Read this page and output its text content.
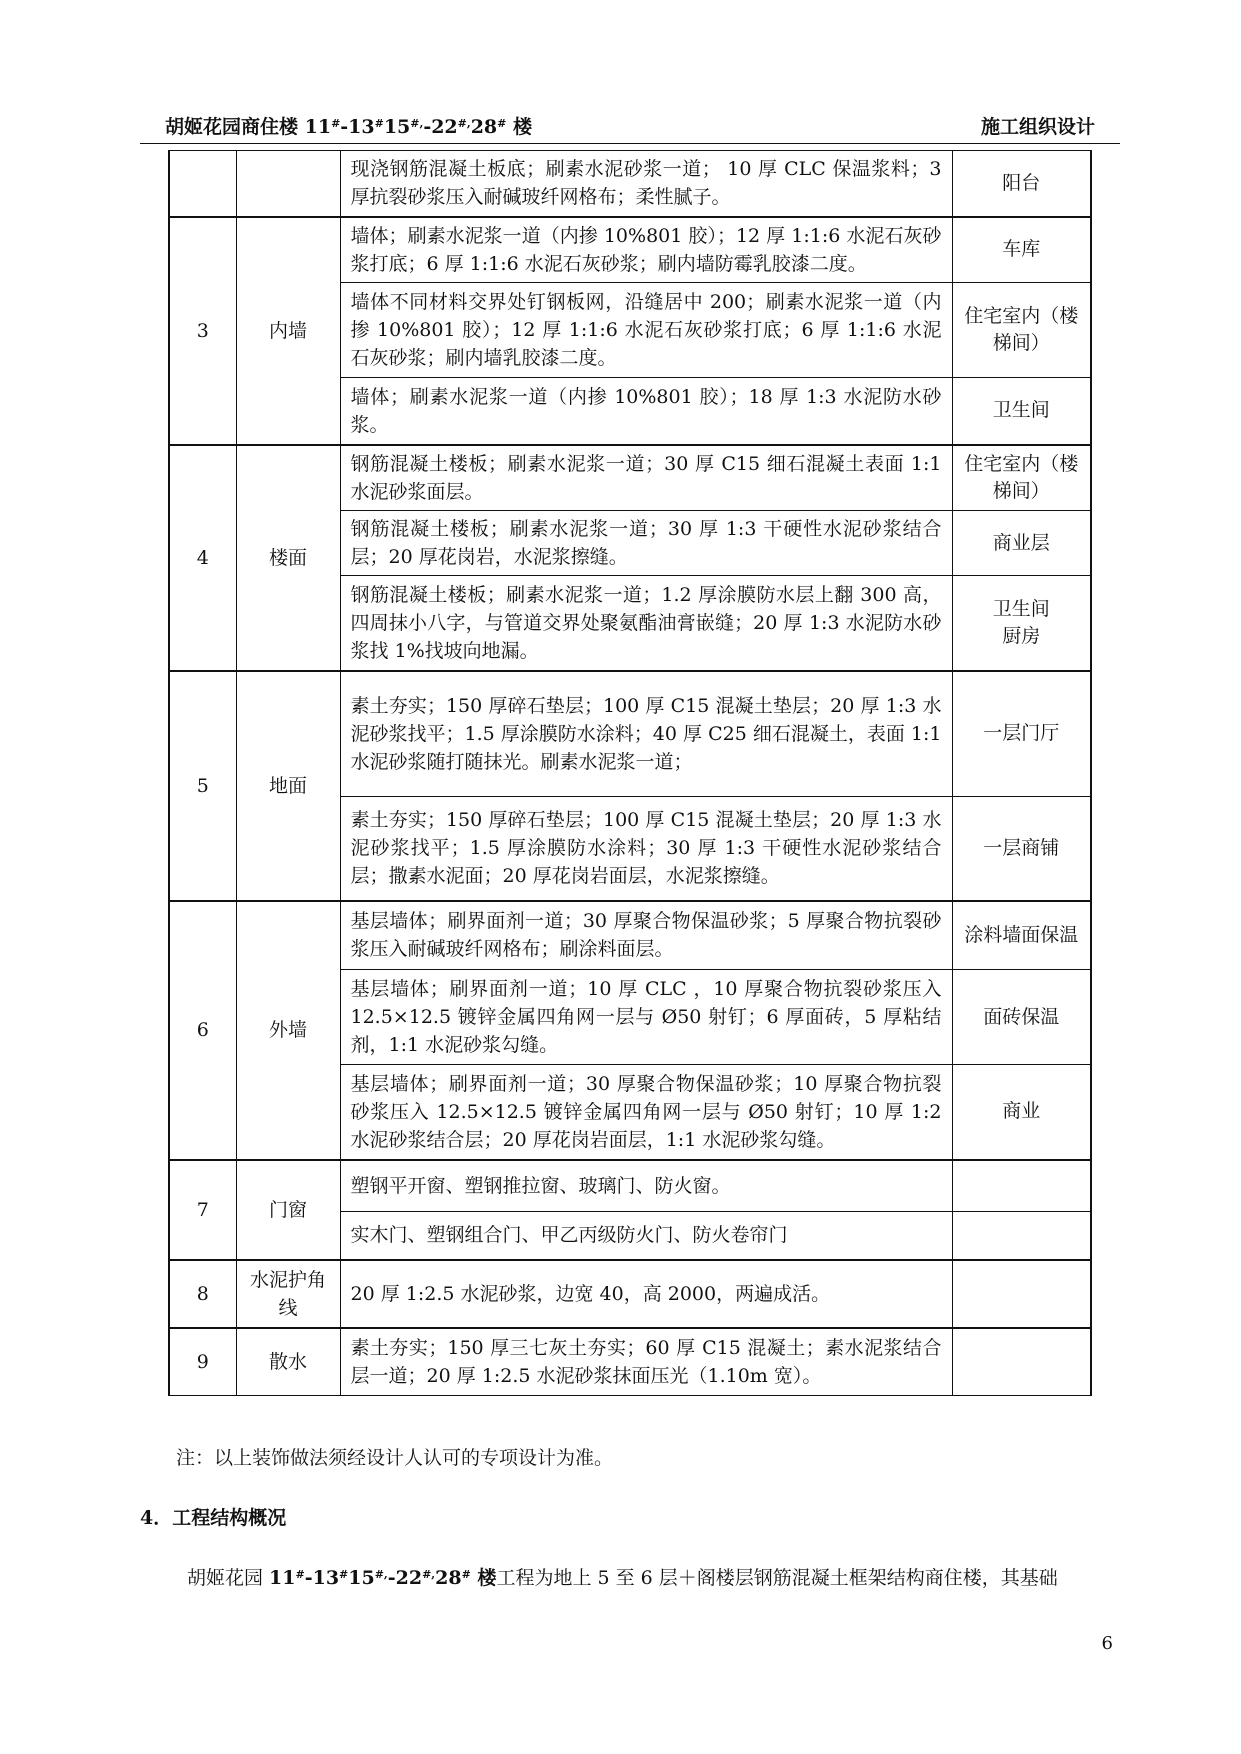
胡姬花园商住楼 11#-13#15#,-22#,28# 楼	施工组织设计
		现浇钢筋混凝土板底；刷素水泥砂浆一道； 10 厚 CLC 保温浆料；3 厚抗裂砂浆压入耐碱玻纤网格布；柔性腻子。	阳台
3	内墙	墙体；刷素水泥浆一道（内掺 10%801 胶）；12 厚 1:1:6 水泥石灰砂浆打底；6 厚 1:1:6 水泥石灰砂浆；刷内墙防霉乳胶漆二度。	车库
		墙体不同材料交界处钉钢板网，沿缝居中 200；刷素水泥浆一道（内掺 10%801 胶）；12 厚 1:1:6 水泥石灰砂浆打底；6 厚 1:1:6 水泥石灰砂浆；刷内墙乳胶漆二度。	住宅室内（楼梯间）
		墙体；刷素水泥浆一道（内掺 10%801 胶）；18 厚 1:3 水泥防水砂浆。	卫生间
4	楼面	钢筋混凝土楼板；刷素水泥浆一道；30 厚 C15 细石混凝土表面 1:1 水泥砂浆面层。	住宅室内（楼梯间）
		钢筋混凝土楼板；刷素水泥浆一道；30 厚 1:3 干硬性水泥砂浆结合层；20 厚花岗岩，水泥浆擦缝。	商业层
		钢筋混凝土楼板；刷素水泥浆一道；1.2 厚涂膜防水层上翻 300 高，四周抹小八字，与管道交界处聚氨酯油膏嵌缝；20 厚 1:3 水泥防水砂浆找 1%找坡向地漏。	卫生间
厨房
5	地面	素土夯实；150 厚碎石垫层；100 厚 C15 混凝土垫层；20 厚 1:3 水泥砂浆找平；1.5 厚涂膜防水涂料；40 厚 C25 细石混凝土，表面 1:1 水泥砂浆随打随抹光。刷素水泥浆一道；	一层门厅
		素土夯实；150 厚碎石垫层；100 厚 C15 混凝土垫层；20 厚 1:3 水泥砂浆找平；1.5 厚涂膜防水涂料；30 厚 1:3 干硬性水泥砂浆结合层；撒素水泥面；20 厚花岗岩面层，水泥浆擦缝。	一层商铺
6	外墙	基层墙体；刷界面剂一道；30 厚聚合物保温砂浆；5 厚聚合物抗裂砂浆压入耐碱玻纤网格布；刷涂料面层。	涂料墙面保温
		基层墙体；刷界面剂一道；10 厚 CLC ，10 厚聚合物抗裂砂浆压入 12.5×12.5 镀锌金属四角网一层与 Ø50 射钉；6 厚面砖，5 厚粘结剂，1:1 水泥砂浆勾缝。	面砖保温
		基层墙体；刷界面剂一道；30 厚聚合物保温砂浆；10 厚聚合物抗裂砂浆压入 12.5×12.5 镀锌金属四角网一层与 Ø50 射钉；10 厚 1:2 水泥砂浆结合层；20 厚花岗岩面层，1:1 水泥砂浆勾缝。	商业
7	门窗	塑钢平开窗、塑钢推拉窗、玻璃门、防火窗。	
		实木门、塑钢组合门、甲乙丙级防火门、防火卷帘门	
8	水泥护角线	20 厚 1:2.5 水泥砂浆，边宽 40，高 2000，两遍成活。	
9	散水	素土夯实；150 厚三七灰土夯实；60 厚 C15 混凝土；素水泥浆结合层一道；20 厚 1:2.5 水泥砂浆抹面压光（1.10m 宽）。	
注：以上装饰做法须经设计人认可的专项设计为准。
4．工程结构概况
胡姬花园 11#-13#15#,-22#,28# 楼工程为地上 5 至 6 层＋阁楼层钢筋混凝土框架结构商住楼，其基础
6
